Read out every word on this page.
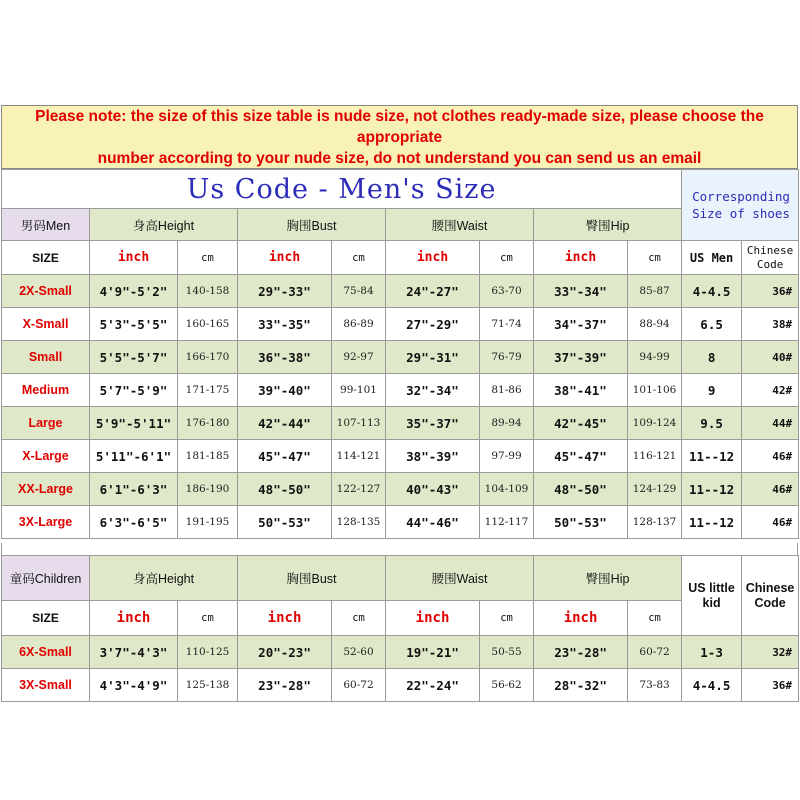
Please note: the size of this size table is nude size, not clothes ready-made size, please choose the appropriate
number according to your nude size, do not understand you can send us an email
Us Code - Men's Size									Corresponding
Size of shoes	
男码Men	身高Height		胸围Bust		腰围Waist		臀围Hip			
SIZE	inch	cm	inch	cm	inch	cm	inch	cm	US Men	Chinese
Code
2X-Small	4'9"-5'2"	140-158	29"-33"	75-84	24"-27"	63-70	33"-34"	85-87	4-4.5	36#
X-Small	5'3"-5'5"	160-165	33"-35"	86-89	27"-29"	71-74	34"-37"	88-94	6.5	38#
Small	5'5"-5'7"	166-170	36"-38"	92-97	29"-31"	76-79	37"-39"	94-99	8	40#
Medium	5'7"-5'9"	171-175	39"-40"	99-101	32"-34"	81-86	38"-41"	101-106	9	42#
Large	5'9"-5'11"	176-180	42"-44"	107-113	35"-37"	89-94	42"-45"	109-124	9.5	44#
X-Large	5'11"-6'1"	181-185	45"-47"	114-121	38"-39"	97-99	45"-47"	116-121	11--12	46#
XX-Large	6'1"-6'3"	186-190	48"-50"	122-127	40"-43"	104-109	48"-50"	124-129	11--12	46#
3X-Large	6'3"-6'5"	191-195	50"-53"	128-135	44"-46"	112-117	50"-53"	128-137	11--12	46#
童码Children	身高Height		胸围Bust		腰围Waist		臀围Hip		US little
kid	Chinese
Code
SIZE	inch	cm	inch	cm	inch	cm	inch	cm		
6X-Small	3'7"-4'3"	110-125	20"-23"	52-60	19"-21"	50-55	23"-28"	60-72	1-3	32#
3X-Small	4'3"-4'9"	125-138	23"-28"	60-72	22"-24"	56-62	28"-32"	73-83	4-4.5	36#
